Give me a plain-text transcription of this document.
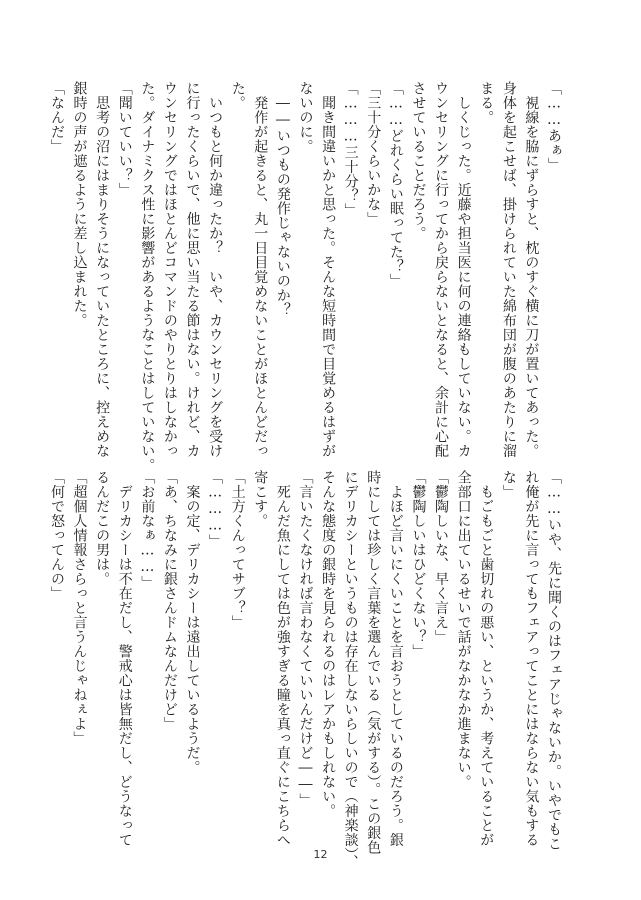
「……あぁ」
　視線を脇にずらすと、枕のすぐ横に刀が置いてあった。
身体を起こせば、掛けられていた綿布団が腹のあたりに溜
まる。
　しくじった。近藤や担当医に何の連絡もしていない。カ
ウンセリングに行ってから戻らないとなると、余計に心配
させていることだろう。
「……どれくらい眠ってた？」
「三十分くらいかな」
「………三十分？」
　聞き間違いかと思った。そんな短時間で目覚めるはずが
ないのに。
　――いつもの発作じゃないのか？
　発作が起きると、丸一日目覚めないことがほとんどだっ
た。
　いつもと何か違ったか？　いや、カウンセリングを受け
に行ったくらいで、他に思い当たる節はない。けれど、カ
ウンセリングではほとんどコマンドのやりとりはしなかっ
た。ダイナミクス性に影響があるようなことはしていない。
「聞いていい？」
　思考の沼にはまりそうになっていたところに、控えめな
銀時の声が遮るように差し込まれた。
「なんだ」
「……いや、先に聞くのはフェアじゃないか。いやでもこ
れ俺が先に言ってもフェアってことにはならない気もする
な」
　もごもごと歯切れの悪い、というか、考えていることが
全部口に出ているせいで話がなかなか進まない。
「鬱陶しいな、早く言え」
「鬱陶しいはひどくない？」
　よほど言いにくいことを言おうとしているのだろう。銀
時にしては珍しく言葉を選んでいる（気がする）。この銀色
にデリカシーというものは存在しないらしいので（神楽談）、
そんな態度の銀時を見られるのはレアかもしれない。
「言いたくなければ言わなくていいんだけど――」
　死んだ魚にしては色が強すぎる瞳を真っ直ぐにこちらへ
寄こす。
「土方くんってサブ？」
「………」
　案の定、デリカシーは遠出しているようだ。
「あ、ちなみに銀さんドムなんだけど」
「お前なぁ……」
　デリカシーは不在だし、警戒心は皆無だし、どうなって
るんだこの男は。
「超個人情報さらっと言うんじゃねぇよ」
「何で怒ってんの」
12
